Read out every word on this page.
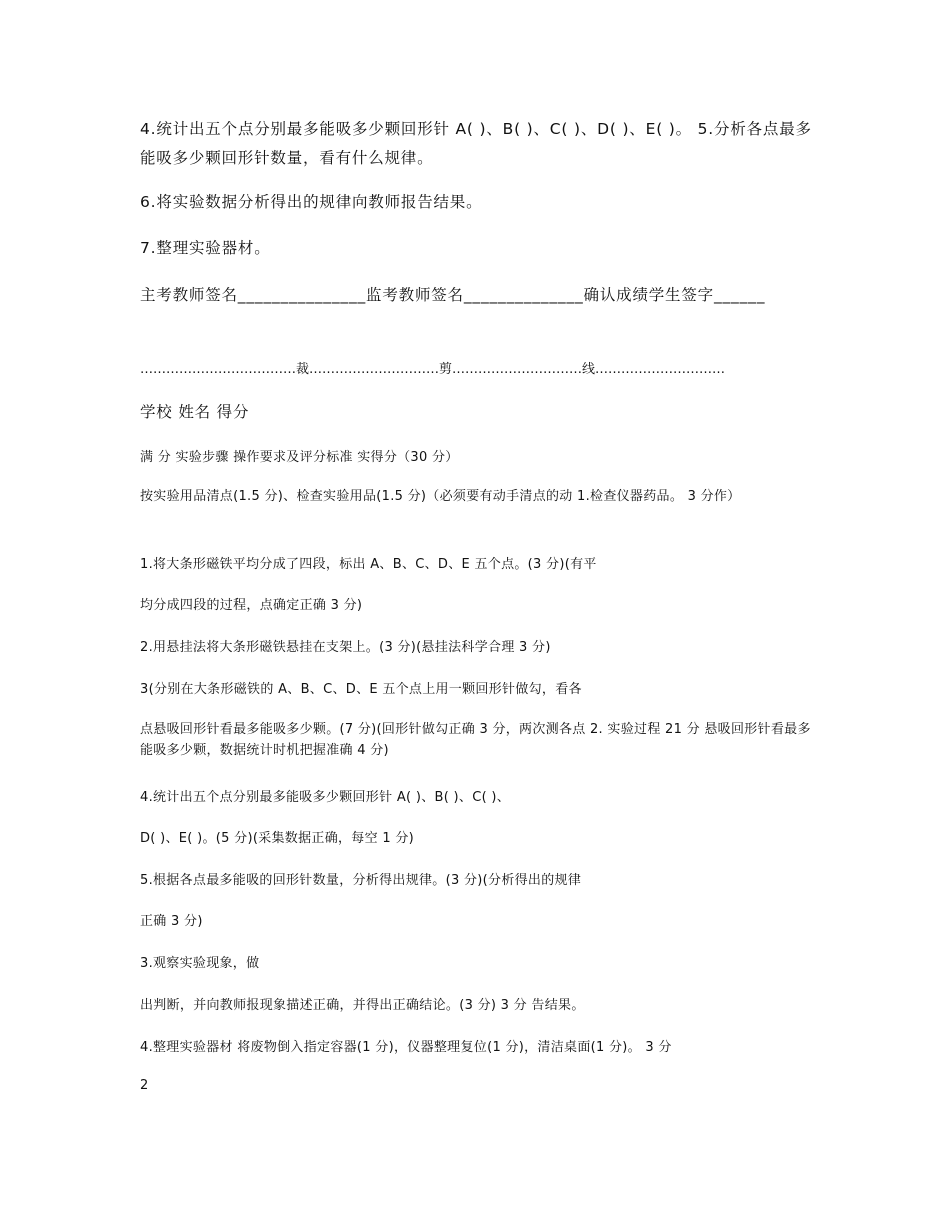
4.统计出五个点分别最多能吸多少颗回形针 A( )、B( )、C( )、D( )、E( )。 5.分析各点最多能吸多少颗回形针数量，看有什么规律。

6.将实验数据分析得出的规律向教师报告结果。

7.整理实验器材。

主考教师签名_______________监考教师签名______________确认成绩学生签字______

………………………………裁…………………………剪…………………………线…………………………

学校 姓名 得分

满 分 实验步骤 操作要求及评分标准 实得分（30 分）

按实验用品清点(1.5 分)、检查实验用品(1.5 分)（必须要有动手清点的动 1.检查仪器药品。 3 分作）

1.将大条形磁铁平均分成了四段，标出 A、B、C、D、E 五个点。(3 分)(有平

均分成四段的过程，点确定正确 3 分)

2.用悬挂法将大条形磁铁悬挂在支架上。(3 分)(悬挂法科学合理 3 分)

3(分别在大条形磁铁的 A、B、C、D、E 五个点上用一颗回形针做勾，看各

点悬吸回形针看最多能吸多少颗。(7 分)(回形针做勾正确 3 分，两次测各点 2. 实验过程 21 分 悬吸回形针看最多能吸多少颗，数据统计时机把握准确 4 分)

4.统计出五个点分别最多能吸多少颗回形针 A( )、B( )、C( )、

D( )、E( )。(5 分)(采集数据正确，每空 1 分)

5.根据各点最多能吸的回形针数量，分析得出规律。(3 分)(分析得出的规律

正确 3 分)

3.观察实验现象，做

出判断，并向教师报现象描述正确，并得出正确结论。(3 分) 3 分 告结果。

4.整理实验器材 将废物倒入指定容器(1 分)，仪器整理复位(1 分)，清洁桌面(1 分)。 3 分

2
